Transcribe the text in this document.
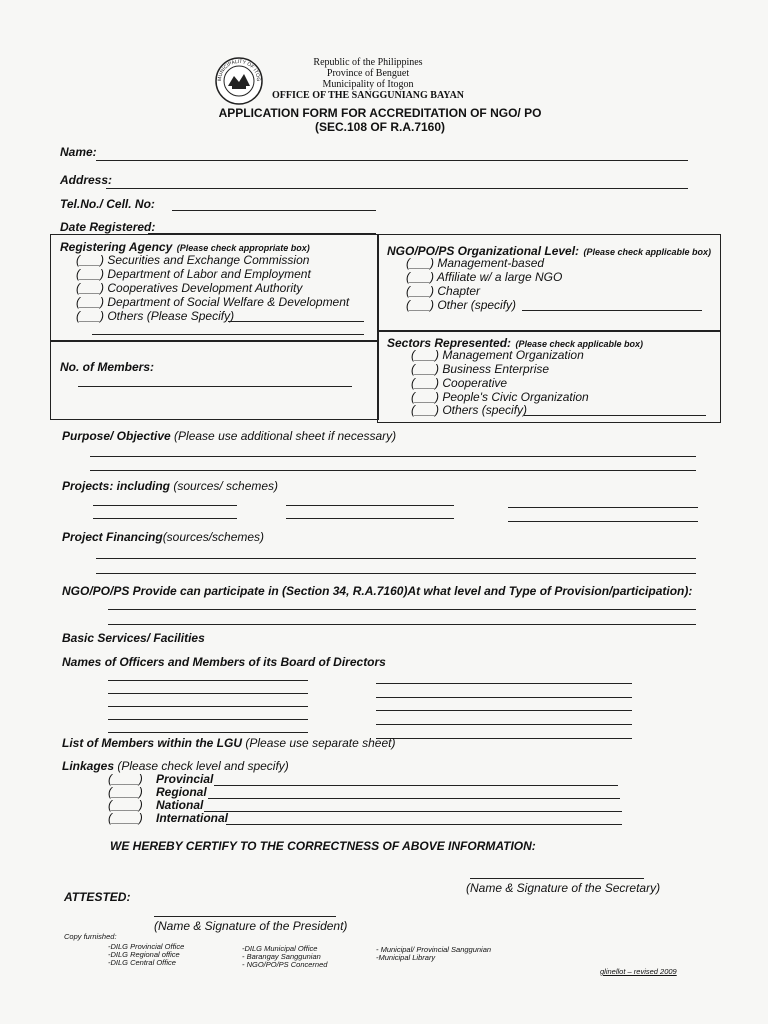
MUNICIPALITY OF ITOG
Republic of the Philippines
Province of Benguet
Municipality of Itogon
OFFICE OF THE SANGGUNIANG BAYAN
APPLICATION FORM FOR ACCREDITATION OF NGO/ PO
(SEC.108 OF R.A.7160)
Name:
Address:
Tel.No./ Cell. No:
Date Registered:
Registering Agency (Please check appropriate box)
(___) Securities and Exchange Commission
(___) Department of Labor and Employment
(___) Cooperatives Development Authority
(___) Department of Social Welfare & Development
(___) Others (Please Specify)
NGO/PO/PS Organizational Level: (Please check applicable box)
(___) Management-based
(___) Affiliate w/ a large NGO
(___) Chapter
(___) Other (specify)
No. of Members:
Sectors Represented: (Please check applicable box)
(___) Management Organization
(___) Business Enterprise
(___) Cooperative
(___) People's Civic Organization
(___) Others (specify)
Purpose/ Objective (Please use additional sheet if necessary)
Projects: including (sources/ schemes)
Project Financing(sources/schemes)
NGO/PO/PS Provide can participate in (Section 34, R.A.7160)At what level and Type of Provision/participation):
Basic Services/ Facilities
Names of Officers and Members of its Board of Directors
List of Members within the LGU (Please use separate sheet)
Linkages (Please check level and specify)
(____) Provincial
(____) Regional
(____) National
(____) International
WE HEREBY CERTIFY TO THE CORRECTNESS OF ABOVE INFORMATION:
(Name & Signature of the Secretary)
ATTESTED:
(Name & Signature of the President)
Copy furnished:
-DILG Provincial Office
-DILG Regional office
-DILG Central Office
-DILG Municipal Office
- Barangay Sanggunian
- NGO/PO/PS Concerned
- Municipal/ Provincial Sanggunian
-Municipal Library
glinellot – revised 2009
